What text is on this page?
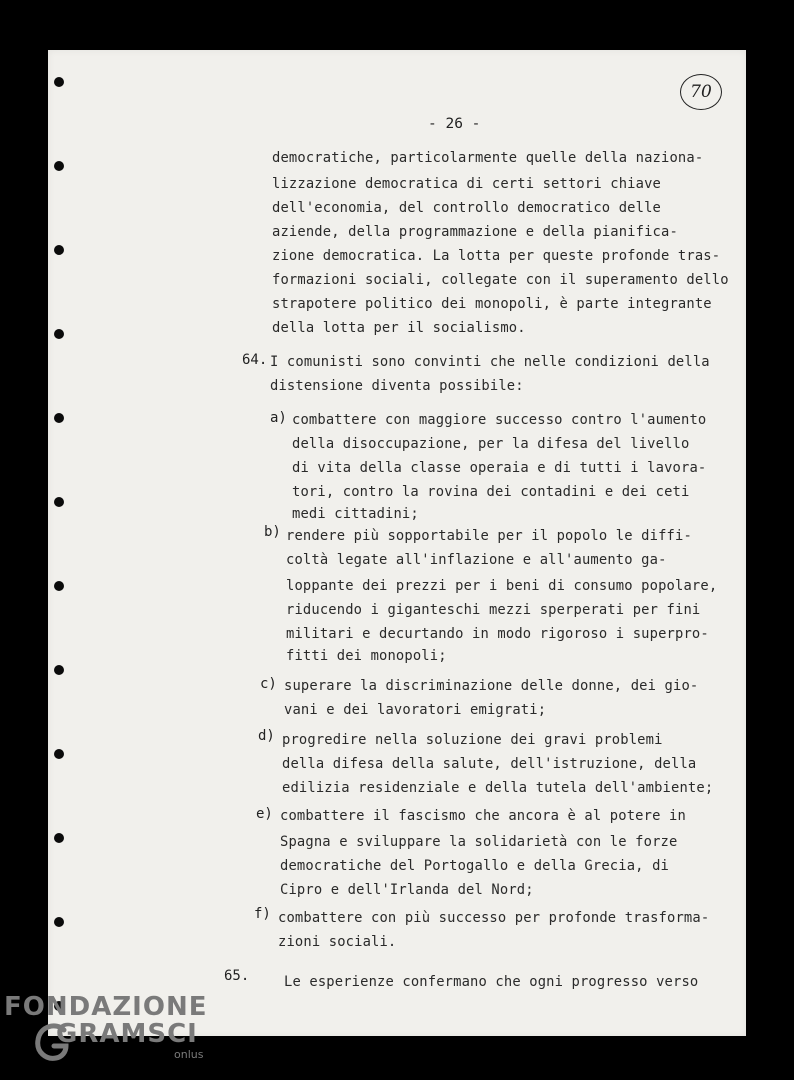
70
- 26 -
democratiche, particolarmente quelle della naziona-
lizzazione democratica di certi settori chiave
dell'economia, del controllo democratico delle
aziende, della programmazione e della pianifica-
zione democratica. La lotta per queste profonde tras-
formazioni sociali, collegate con il superamento dello
strapotere politico dei monopoli, è parte integrante
della lotta per il socialismo.
64. I comunisti sono convinti che nelle condizioni della
distensione diventa possibile:
a) combattere con maggiore successo contro l'aumento
della disoccupazione, per la difesa del livello
di vita della classe operaia e di tutti i lavora-
tori, contro la rovina dei contadini e dei ceti
medi cittadini;
b) rendere più sopportabile per il popolo le diffi-
coltà legate all'inflazione e all'aumento ga-
loppante dei prezzi per i beni di consumo popolare,
riducendo i giganteschi mezzi sperperati per fini
militari e decurtando in modo rigoroso i superpro-
fitti dei monopoli;
c) superare la discriminazione delle donne, dei gio-
vani e dei lavoratori emigrati;
d) progredire nella soluzione dei gravi problemi
della difesa della salute, dell'istruzione, della
edilizia residenziale e della tutela dell'ambiente;
e) combattere il fascismo che ancora è al potere in
Spagna e sviluppare la solidarietà con le forze
democratiche del Portogallo e della Grecia, di
Cipro e dell'Irlanda del Nord;
f) combattere con più successo per profonde trasforma-
zioni sociali.
65.	Le esperienze confermano che ogni progresso verso
FONDAZIONE
GRAMSCI
onlus
